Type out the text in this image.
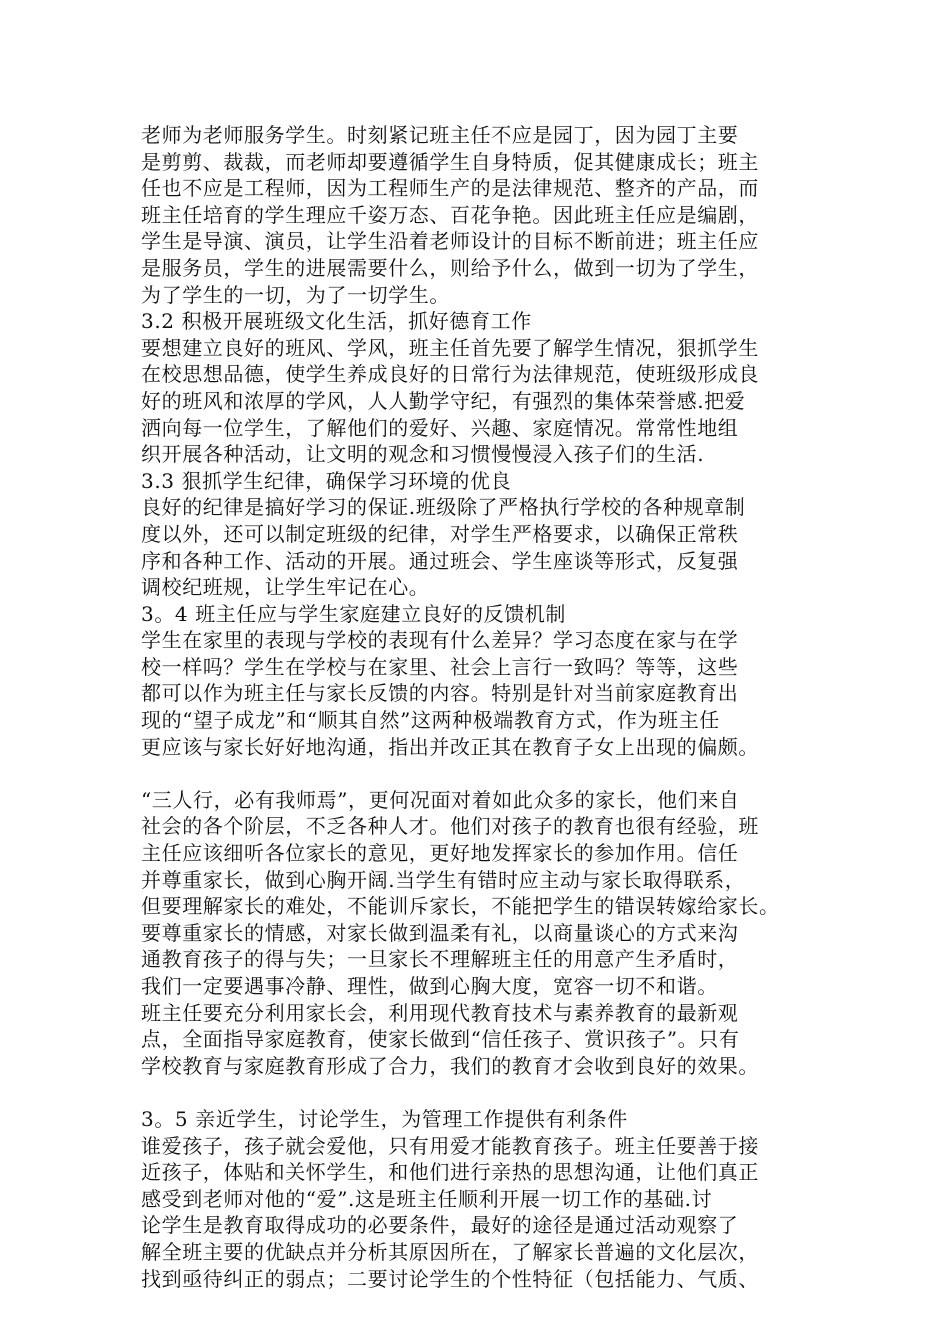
老师为老师服务学生。时刻紧记班主任不应是园丁，因为园丁主要
是剪剪、裁裁，而老师却要遵循学生自身特质，促其健康成长；班主
任也不应是工程师，因为工程师生产的是法律规范、整齐的产品，而
班主任培育的学生理应千姿万态、百花争艳。因此班主任应是编剧，
学生是导演、演员，让学生沿着老师设计的目标不断前进；班主任应
是服务员，学生的进展需要什么，则给予什么，做到一切为了学生，
为了学生的一切，为了一切学生。
3.2 积极开展班级文化生活，抓好德育工作
要想建立良好的班风、学风，班主任首先要了解学生情况，狠抓学生
在校思想品德，使学生养成良好的日常行为法律规范，使班级形成良
好的班风和浓厚的学风，人人勤学守纪，有强烈的集体荣誉感.把爱
洒向每一位学生，了解他们的爱好、兴趣、家庭情况。常常性地组
织开展各种活动，让文明的观念和习惯慢慢浸入孩子们的生活.
3.3 狠抓学生纪律，确保学习环境的优良
良好的纪律是搞好学习的保证.班级除了严格执行学校的各种规章制
度以外，还可以制定班级的纪律，对学生严格要求，以确保正常秩
序和各种工作、活动的开展。通过班会、学生座谈等形式，反复强
调校纪班规，让学生牢记在心。
3。4 班主任应与学生家庭建立良好的反馈机制
学生在家里的表现与学校的表现有什么差异？学习态度在家与在学
校一样吗？学生在学校与在家里、社会上言行一致吗？等等，这些
都可以作为班主任与家长反馈的内容。特别是针对当前家庭教育出
现的“望子成龙”和“顺其自然”这两种极端教育方式，作为班主任
更应该与家长好好地沟通，指出并改正其在教育子女上出现的偏颇。
“三人行，必有我师焉”，更何况面对着如此众多的家长，他们来自
社会的各个阶层，不乏各种人才。他们对孩子的教育也很有经验，班
主任应该细听各位家长的意见，更好地发挥家长的参加作用。信任
并尊重家长，做到心胸开阔.当学生有错时应主动与家长取得联系，
但要理解家长的难处，不能训斥家长，不能把学生的错误转嫁给家长。
要尊重家长的情感，对家长做到温柔有礼，以商量谈心的方式来沟
通教育孩子的得与失；一旦家长不理解班主任的用意产生矛盾时，
我们一定要遇事冷静、理性，做到心胸大度，宽容一切不和谐。
班主任要充分利用家长会，利用现代教育技术与素养教育的最新观
点，全面指导家庭教育，使家长做到“信任孩子、赏识孩子”。只有
学校教育与家庭教育形成了合力，我们的教育才会收到良好的效果。
3。5 亲近学生，讨论学生，为管理工作提供有利条件
谁爱孩子，孩子就会爱他，只有用爱才能教育孩子。班主任要善于接
近孩子，体贴和关怀学生，和他们进行亲热的思想沟通，让他们真正
感受到老师对他的“爱”.这是班主任顺利开展一切工作的基础.讨
论学生是教育取得成功的必要条件，最好的途径是通过活动观察了
解全班主要的优缺点并分析其原因所在，了解家长普遍的文化层次，
找到亟待纠正的弱点；二要讨论学生的个性特征（包括能力、气质、
